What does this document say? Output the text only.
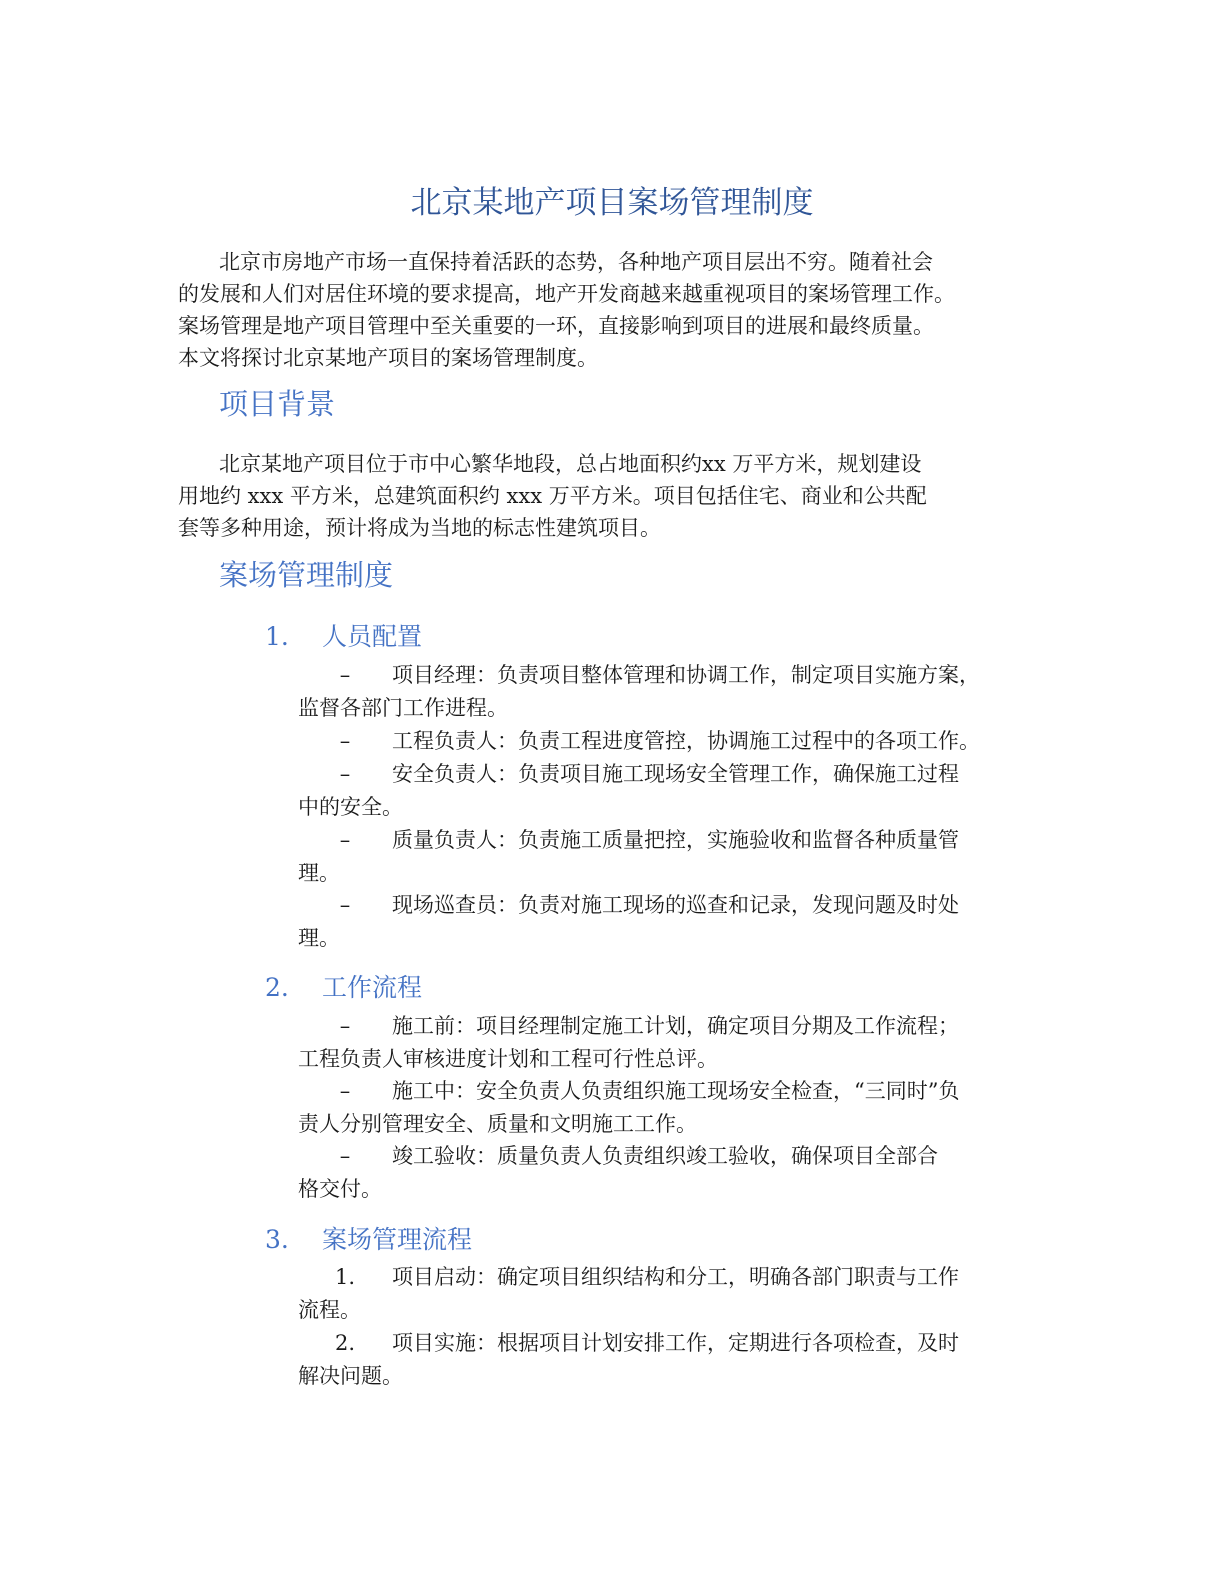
北京某地产项目案场管理制度

北京市房地产市场一直保持着活跃的态势，各种地产项目层出不穷。随着社会
的发展和人们对居住环境的要求提高，地产开发商越来越重视项目的案场管理工作。
案场管理是地产项目管理中至关重要的一环，直接影响到项目的进展和最终质量。
本文将探讨北京某地产项目的案场管理制度。

项目背景

北京某地产项目位于市中心繁华地段，总占地面积约xx 万平方米，规划建设
用地约 xxx 平方米，总建筑面积约 xxx 万平方米。项目包括住宅、商业和公共配
套等多种用途，预计将成为当地的标志性建筑项目。

案场管理制度
1. 人员配置
– 项目经理：负责项目整体管理和协调工作，制定项目实施方案，
监督各部门工作进程。
– 工程负责人：负责工程进度管控，协调施工过程中的各项工作。
– 安全负责人：负责项目施工现场安全管理工作，确保施工过程
中的安全。
– 质量负责人：负责施工质量把控，实施验收和监督各种质量管
理。
– 现场巡查员：负责对施工现场的巡查和记录，发现问题及时处
理。
2. 工作流程
– 施工前：项目经理制定施工计划，确定项目分期及工作流程；
工程负责人审核进度计划和工程可行性总评。
– 施工中：安全负责人负责组织施工现场安全检查，“三同时”负
责人分别管理安全、质量和文明施工工作。
– 竣工验收：质量负责人负责组织竣工验收，确保项目全部合
格交付。
3. 案场管理流程
1. 项目启动：确定项目组织结构和分工，明确各部门职责与工作
流程。
2. 项目实施：根据项目计划安排工作，定期进行各项检查，及时
解决问题。
